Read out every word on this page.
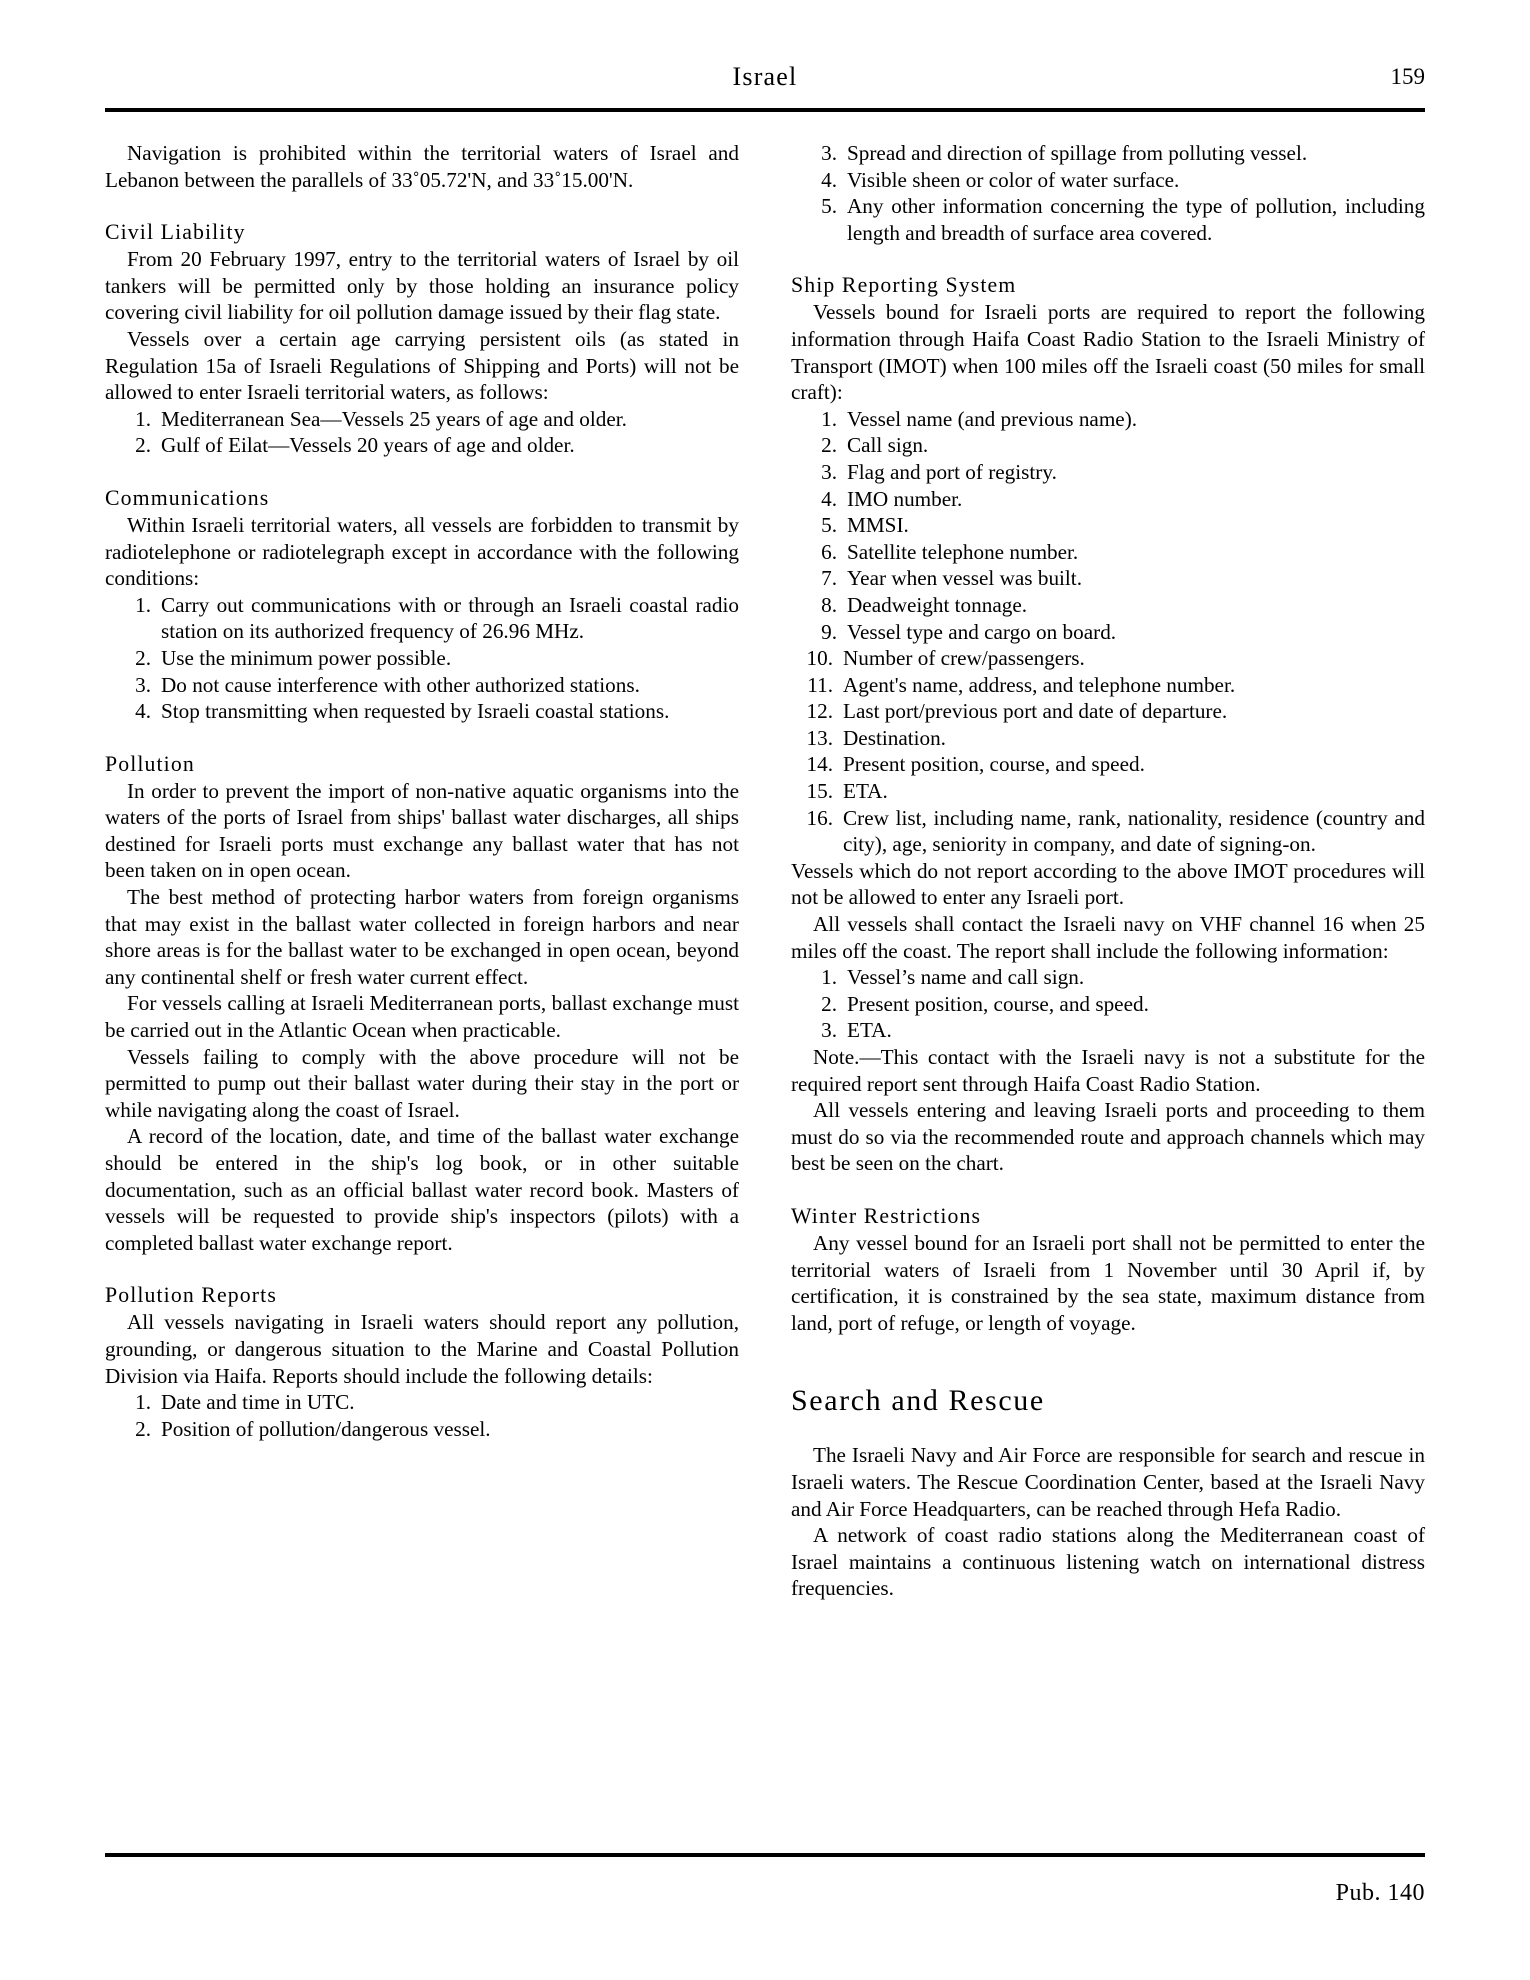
Israel	159

Navigation is prohibited within the territorial waters of Israel and Lebanon between the parallels of 33˚05.72'N, and 33˚15.00'N.

Civil Liability

From 20 February 1997, entry to the territorial waters of Israel by oil tankers will be permitted only by those holding an insurance policy covering civil liability for oil pollution damage issued by their flag state.

Vessels over a certain age carrying persistent oils (as stated in Regulation 15a of Israeli Regulations of Shipping and Ports) will not be allowed to enter Israeli territorial waters, as follows:

1. Mediterranean Sea—Vessels 25 years of age and older.
2. Gulf of Eilat—Vessels 20 years of age and older.
Communications

Within Israeli territorial waters, all vessels are forbidden to transmit by radiotelephone or radiotelegraph except in accordance with the following conditions:

1. Carry out communications with or through an Israeli coastal radio station on its authorized frequency of 26.96 MHz.
2. Use the minimum power possible.
3. Do not cause interference with other authorized stations.
4. Stop transmitting when requested by Israeli coastal stations.
Pollution

In order to prevent the import of non-native aquatic organisms into the waters of the ports of Israel from ships' ballast water discharges, all ships destined for Israeli ports must exchange any ballast water that has not been taken on in open ocean.

The best method of protecting harbor waters from foreign organisms that may exist in the ballast water collected in foreign harbors and near shore areas is for the ballast water to be exchanged in open ocean, beyond any continental shelf or fresh water current effect.

For vessels calling at Israeli Mediterranean ports, ballast exchange must be carried out in the Atlantic Ocean when practicable.

Vessels failing to comply with the above procedure will not be permitted to pump out their ballast water during their stay in the port or while navigating along the coast of Israel.

A record of the location, date, and time of the ballast water exchange should be entered in the ship's log book, or in other suitable documentation, such as an official ballast water record book. Masters of vessels will be requested to provide ship's inspectors (pilots) with a completed ballast water exchange report.

Pollution Reports

All vessels navigating in Israeli waters should report any pollution, grounding, or dangerous situation to the Marine and Coastal Pollution Division via Haifa. Reports should include the following details:

1. Date and time in UTC.
2. Position of pollution/dangerous vessel.
3. Spread and direction of spillage from polluting vessel.
4. Visible sheen or color of water surface.
5. Any other information concerning the type of pollution, including length and breadth of surface area covered.
Ship Reporting System

Vessels bound for Israeli ports are required to report the following information through Haifa Coast Radio Station to the Israeli Ministry of Transport (IMOT) when 100 miles off the Israeli coast (50 miles for small craft):

1. Vessel name (and previous name).
2. Call sign.
3. Flag and port of registry.
4. IMO number.
5. MMSI.
6. Satellite telephone number.
7. Year when vessel was built.
8. Deadweight tonnage.
9. Vessel type and cargo on board.
10. Number of crew/passengers.
11. Agent's name, address, and telephone number.
12. Last port/previous port and date of departure.
13. Destination.
14. Present position, course, and speed.
15. ETA.
16. Crew list, including name, rank, nationality, residence (country and city), age, seniority in company, and date of signing-on.

Vessels which do not report according to the above IMOT procedures will not be allowed to enter any Israeli port.

All vessels shall contact the Israeli navy on VHF channel 16 when 25 miles off the coast. The report shall include the following information:

1. Vessel’s name and call sign.
2. Present position, course, and speed.
3. ETA.

Note.—This contact with the Israeli navy is not a substitute for the required report sent through Haifa Coast Radio Station.

All vessels entering and leaving Israeli ports and proceeding to them must do so via the recommended route and approach channels which may best be seen on the chart.

Winter Restrictions

Any vessel bound for an Israeli port shall not be permitted to enter the territorial waters of Israeli from 1 November until 30 April if, by certification, it is constrained by the sea state, maximum distance from land, port of refuge, or length of voyage.

Search and Rescue

The Israeli Navy and Air Force are responsible for search and rescue in Israeli waters. The Rescue Coordination Center, based at the Israeli Navy and Air Force Headquarters, can be reached through Hefa Radio.

A network of coast radio stations along the Mediterranean coast of Israel maintains a continuous listening watch on international distress frequencies.

Pub. 140
